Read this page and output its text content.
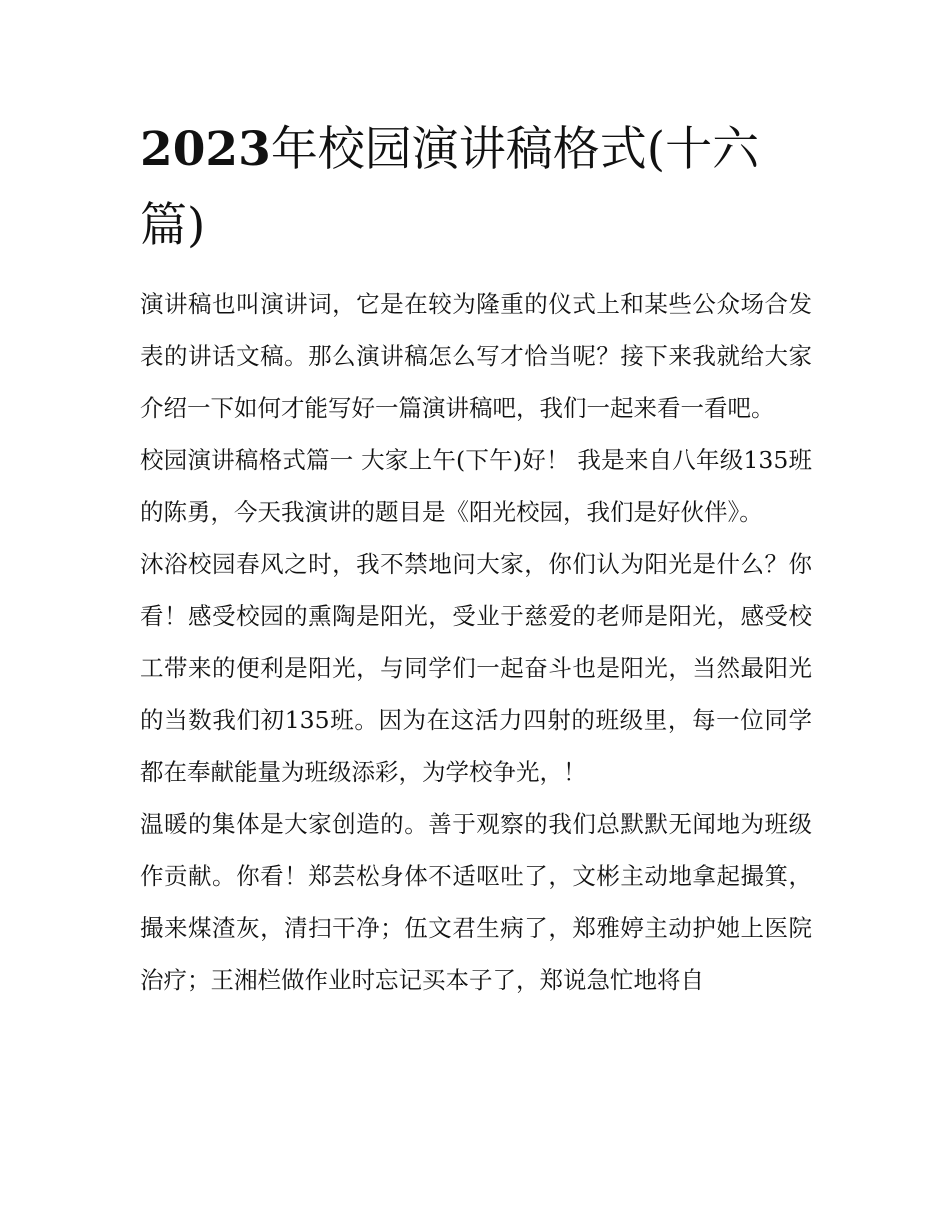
2023年校园演讲稿格式(十六篇)

演讲稿也叫演讲词，它是在较为隆重的仪式上和某些公众场合发表的讲话文稿。那么演讲稿怎么写才恰当呢？接下来我就给大家介绍一下如何才能写好一篇演讲稿吧，我们一起来看一看吧。

校园演讲稿格式篇一 大家上午(下午)好！ 我是来自八年级135班的陈勇，今天我演讲的题目是《阳光校园，我们是好伙伴》。

沐浴校园春风之时，我不禁地问大家，你们认为阳光是什么？你看！感受校园的熏陶是阳光，受业于慈爱的老师是阳光，感受校工带来的便利是阳光，与同学们一起奋斗也是阳光，当然最阳光的当数我们初135班。因为在这活力四射的班级里，每一位同学都在奉献能量为班级添彩，为学校争光，！

温暖的集体是大家创造的。善于观察的我们总默默无闻地为班级作贡献。你看！郑芸松身体不适呕吐了，文彬主动地拿起撮箕，撮来煤渣灰，清扫干净；伍文君生病了，郑雅婷主动护她上医院治疗；王湘栏做作业时忘记买本子了，郑说急忙地将自
